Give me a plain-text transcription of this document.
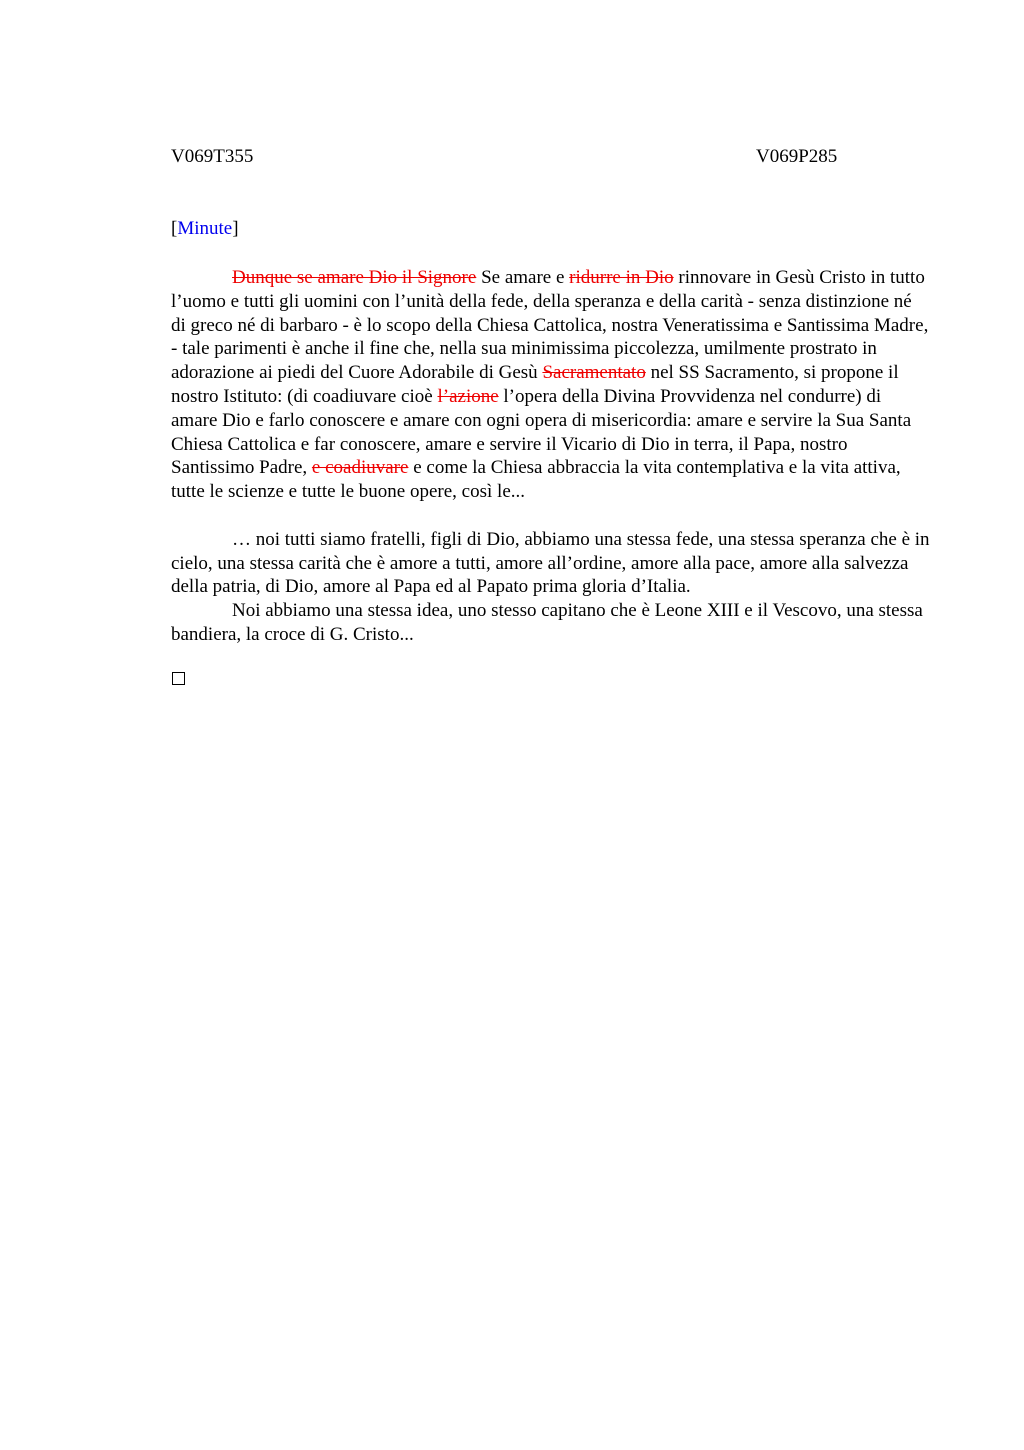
V069T355	V069P285
[Minute]

Dunque se amare Dio il Signore Se amare e ridurre in Dio rinnovare in Gesù Cristo in tutto l’uomo e tutti gli uomini con l’unità della fede, della speranza e della carità - senza distinzione né di greco né di barbaro - è lo scopo della Chiesa Cattolica, nostra Veneratissima e Santissima Madre, - tale parimenti è anche il fine che, nella sua minimissima piccolezza, umilmente prostrato in adorazione ai piedi del Cuore Adorabile di Gesù Sacramentato nel SS Sacramento, si propone il nostro Istituto: (di coadiuvare cioè l’azione l’opera della Divina Provvidenza nel condurre) di amare Dio e farlo conoscere e amare con ogni opera di misericordia: amare e servire la Sua Santa Chiesa Cattolica e far conoscere, amare e servire il Vicario di Dio in terra, il Papa, nostro Santissimo Padre, e coadiuvare e come la Chiesa abbraccia la vita contemplativa e la vita attiva, tutte le scienze e tutte le buone opere, così le...

… noi tutti siamo fratelli, figli di Dio, abbiamo una stessa fede, una stessa speranza che è in cielo, una stessa carità che è amore a tutti, amore all’ordine, amore alla pace, amore alla salvezza della patria, di Dio, amore al Papa ed al Papato prima gloria d’Italia.

Noi abbiamo una stessa idea, uno stesso capitano che è Leone XIII e il Vescovo, una stessa bandiera, la croce di G. Cristo...
